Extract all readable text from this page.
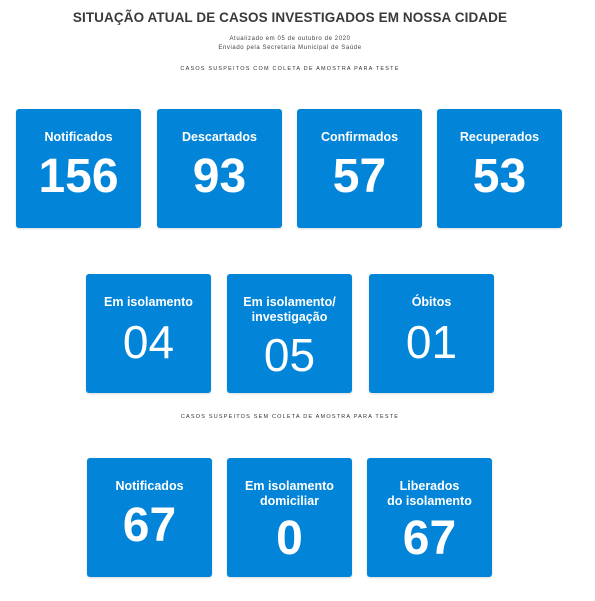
SITUAÇÃO ATUAL DE CASOS INVESTIGADOS EM NOSSA CIDADE
Atualizado em 05 de outubro de 2020
Enviado pela Secretaria Municipal de Saúde
CASOS SUSPEITOS COM COLETA DE AMOSTRA PARA TESTE
Notificados
156
Descartados
93
Confirmados
57
Recuperados
53
Em isolamento
04
Em isolamento/
investigação
05
Óbitos
01
CASOS SUSPEITOS SEM COLETA DE AMOSTRA PARA TESTE
Notificados
67
Em isolamento
domiciliar
0
Liberados
do isolamento
67
